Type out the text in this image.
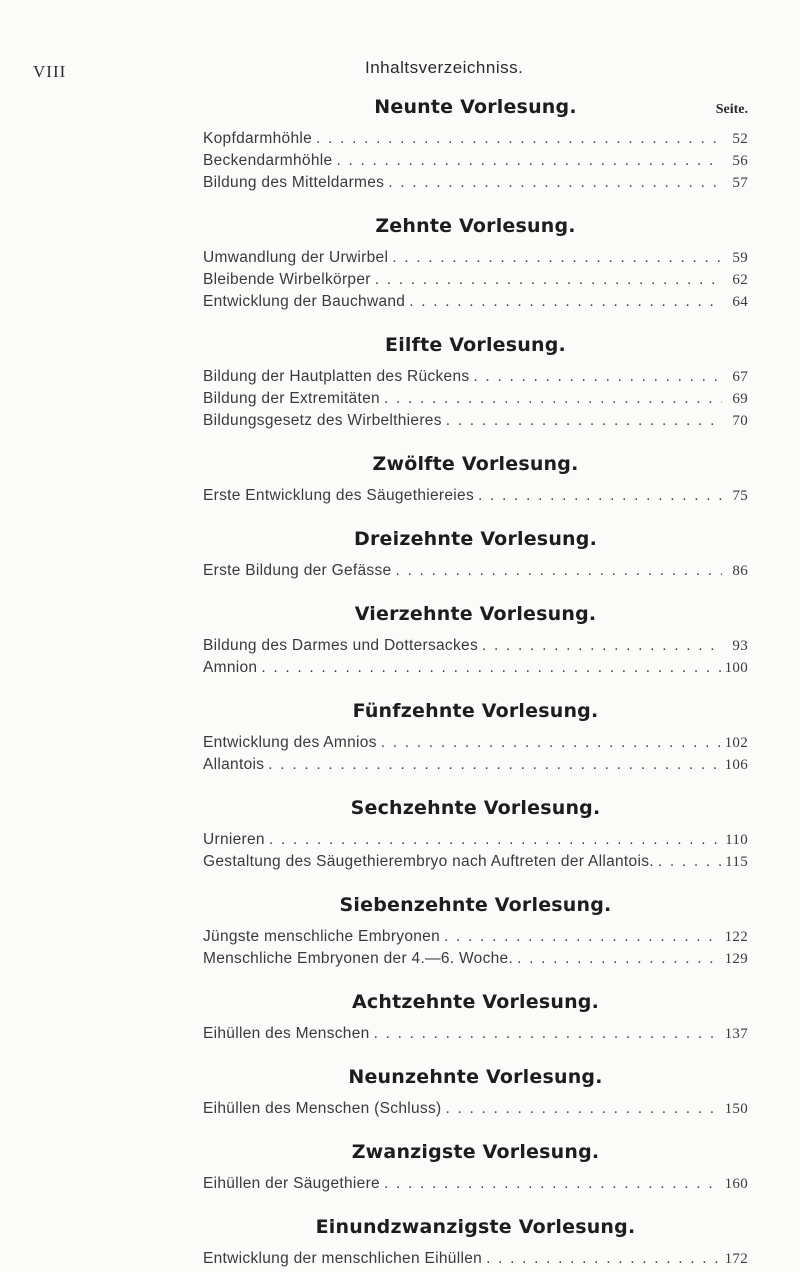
VIII	Inhaltsverzeichniss.
Neunte Vorlesung.	Seite.
Kopfdarmhöhle . . .	52
Beckendarmhöhle . . .	56
Bildung des Mitteldarmes . . .	57
Zehnte Vorlesung.
Umwandlung der Urwirbel . . .	59
Bleibende Wirbelkörper . . .	62
Entwicklung der Bauchwand . . .	64
Eilfte Vorlesung.
Bildung der Hautplatten des Rückens . . .	67
Bildung der Extremitäten . . .	69
Bildungsgesetz des Wirbelthieres . . .	70
Zwölfte Vorlesung.
Erste Entwicklung des Säugethiereies . . .	75
Dreizehnte Vorlesung.
Erste Bildung der Gefässe . . .	86
Vierzehnte Vorlesung.
Bildung des Darmes und Dottersackes . . .	93
Amnion . . .	100
Fünfzehnte Vorlesung.
Entwicklung des Amnios . . .	102
Allantois . . .	106
Sechzehnte Vorlesung.
Urnieren . . .	110
Gestaltung des Säugethierembryo nach Auftreten der Allantois. . . .	115
Siebenzehnte Vorlesung.
Jüngste menschliche Embryonen . . .	122
Menschliche Embryonen der 4.—6. Woche. . . .	129
Achtzehnte Vorlesung.
Eihüllen des Menschen . . .	137
Neunzehnte Vorlesung.
Eihüllen des Menschen (Schluss) . . .	150
Zwanzigste Vorlesung.
Eihüllen der Säugethiere . . .	160
Einundzwanzigste Vorlesung.
Entwicklung der menschlichen Eihüllen . . .	172
